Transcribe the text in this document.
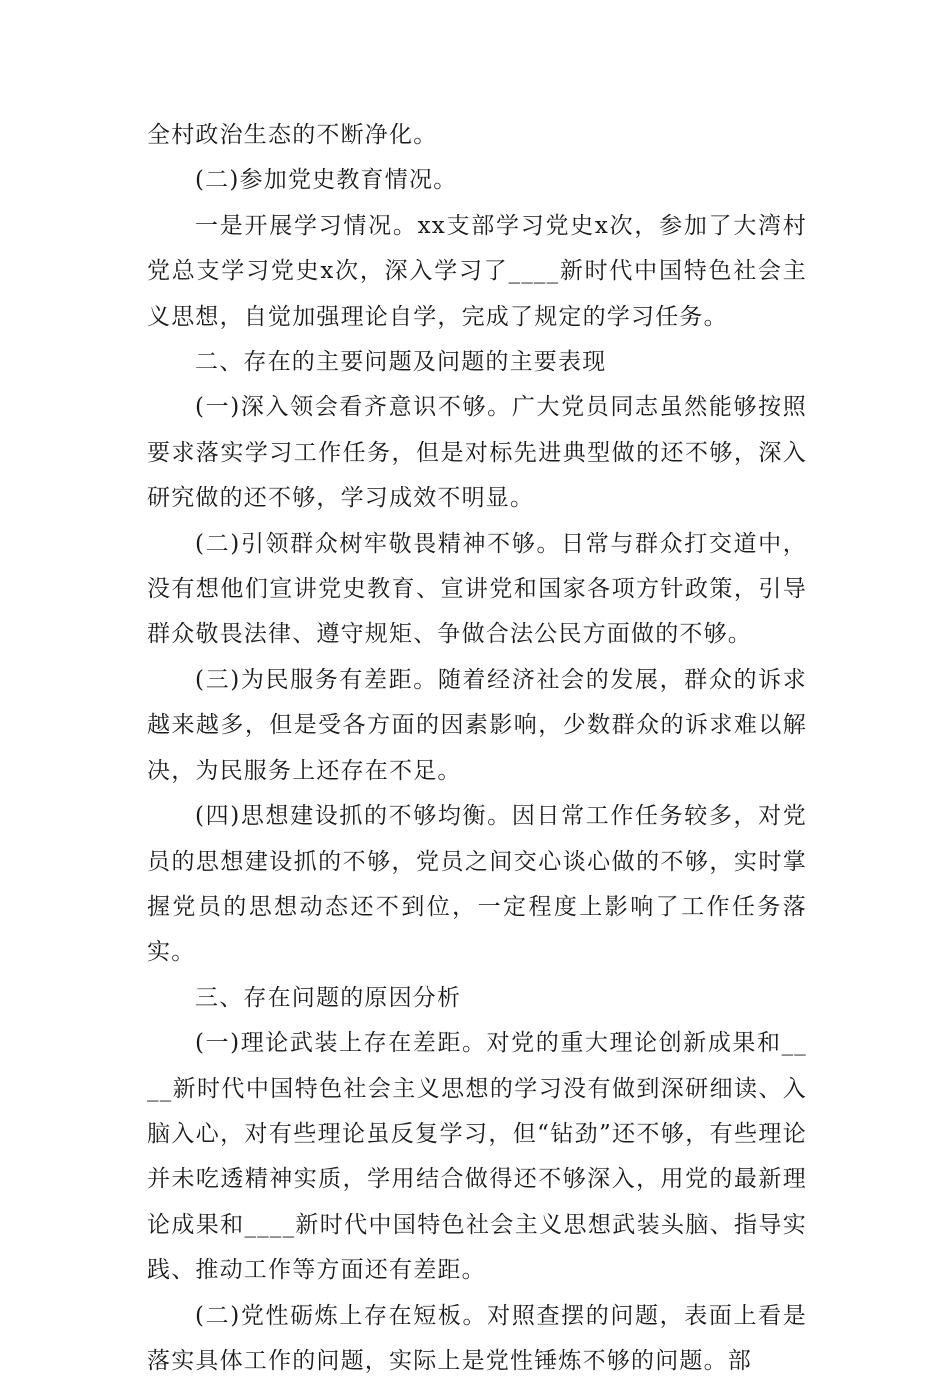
全村政治生态的不断净化。

(二)参加党史教育情况。

一是开展学习情况。xx支部学习党史x次，参加了大湾村党总支学习党史x次，深入学习了____新时代中国特色社会主义思想，自觉加强理论自学，完成了规定的学习任务。

二、存在的主要问题及问题的主要表现

(一)深入领会看齐意识不够。广大党员同志虽然能够按照要求落实学习工作任务，但是对标先进典型做的还不够，深入研究做的还不够，学习成效不明显。

(二)引领群众树牢敬畏精神不够。日常与群众打交道中，没有想他们宣讲党史教育、宣讲党和国家各项方针政策，引导群众敬畏法律、遵守规矩、争做合法公民方面做的不够。

(三)为民服务有差距。随着经济社会的发展，群众的诉求越来越多，但是受各方面的因素影响，少数群众的诉求难以解决，为民服务上还存在不足。

(四)思想建设抓的不够均衡。因日常工作任务较多，对党员的思想建设抓的不够，党员之间交心谈心做的不够，实时掌握党员的思想动态还不到位，一定程度上影响了工作任务落实。

三、存在问题的原因分析

(一)理论武装上存在差距。对党的重大理论创新成果和____新时代中国特色社会主义思想的学习没有做到深研细读、入脑入心，对有些理论虽反复学习，但“钻劲”还不够，有些理论并未吃透精神实质，学用结合做得还不够深入，用党的最新理论成果和____新时代中国特色社会主义思想武装头脑、指导实践、推动工作等方面还有差距。

(二)党性砺炼上存在短板。对照查摆的问题，表面上看是落实具体工作的问题，实际上是党性锤炼不够的问题。部
